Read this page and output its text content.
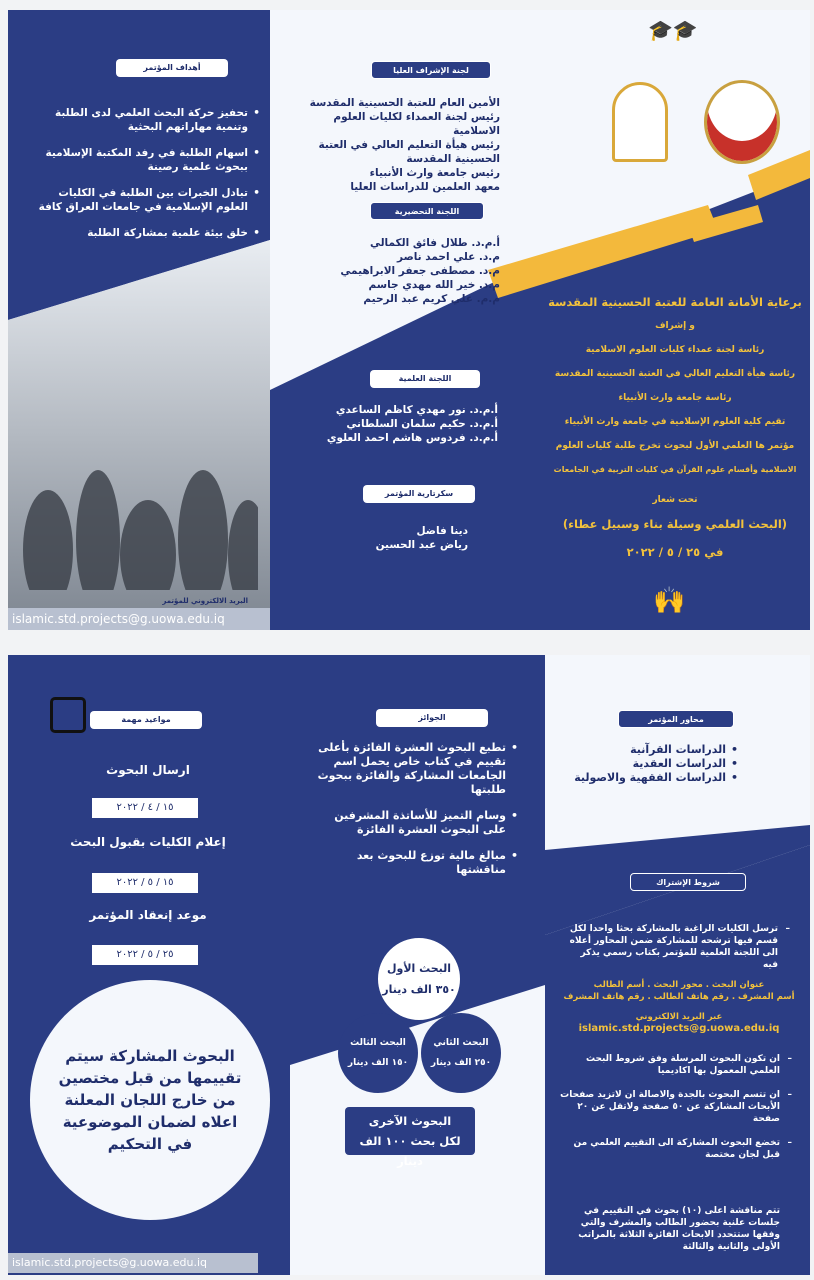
أهداف المؤتمر
• تحفيز حركة البحث العلمي لدى الطلبة وتنمية مهاراتهم البحثية
• اسهام الطلبة في رفد المكتبة الإسلامية ببحوث علمية رصينة
• تبادل الخبرات بين الطلبة في الكليات العلوم الإسلامية في جامعات العراق كافة
• خلق بيئة علمية بمشاركة الطلبة
البريد الالكتروني للمؤتمر
islamic.std.projects@g.uowa.edu.iq
لجنة الإشراف العليا
الأمين العام للعتبة الحسينية المقدسة
رئيس لجنة العمداء لكليات العلوم الاسلامية
رئيس هيأة التعليم العالي في العتبة الحسينية المقدسة
رئيس جامعة وارث الأنبياء
معهد العلمين للدراسات العليا
اللجنة التحضيرية
أ.م.د. طلال فائق الكمالي
م.د. علي احمد ناصر
م.د. مصطفى جعفر الابراهيمي
م.د. خير الله مهدي جاسم
م.م. علي كريم عبد الرحيم
اللجنة العلمية
أ.م.د. نور مهدي كاظم الساعدي
أ.م.د. حكيم سلمان السلطاني
أ.م.د. فردوس هاشم احمد العلوي
سكرتارية المؤتمر
دينا فاضل
رياض عبد الحسين
🎓🎓
برعاية الأمانة العامة للعتبة الحسينية المقدسة
و إشراف
رئاسة لجنة عمداء كليات العلوم الاسلامية
رئاسة هيأة التعليم العالي في العتبة الحسينية المقدسة
رئاسة جامعة وارث الأنبياء
تقيم كلية العلوم الإسلامية في جامعة وارث الأنبياء
مؤتمر ها العلمي الأول لبحوث تخرج طلبة كليات العلوم
الاسلامية وأقسام علوم القرآن في كليات التربية في الجامعات
تحت شعار
(البحث العلمي وسيلة بناء وسبيل عطاء)
في ٢٥ / ٥ / ٢٠٢٢
🙌
مواعيد مهمة
ارسال البحوث
١٥ / ٤ / ٢٠٢٢
إعلام الكليات بقبول البحث
١٥ / ٥ / ٢٠٢٢
موعد إنعقاد المؤتمر
٢٥ / ٥ / ٢٠٢٢
البحوث المشاركة سيتم تقييمها من قبل مختصين من خارج اللجان المعلنة اعلاه لضمان الموضوعية في التحكيم
islamic.std.projects@g.uowa.edu.iq
الجوائز
• تطبع البحوث العشرة الفائزة بأعلى تقييم في كتاب خاص يحمل اسم الجامعات المشاركة والفائزة ببحوث طلبتها
• وسام التميز للأساتذة المشرفين على البحوث العشرة الفائزة
• مبالغ مالية توزع للبحوث بعد مناقشتها
البحث الأول
٣٥٠ الف دينار
البحث الثاني
٢٥٠ الف دينار
البحث الثالث
١٥٠ الف دينار
البحوث الآخرى
لكل بحث ١٠٠ الف دينار
محاور المؤتمر
• الدراسات القرآنية
• الدراسات العقدية
• الدراسات الفقهية والاصولية
شروط الإشتراك
– ترسل الكليات الراغبة بالمشاركة بحثا واحدا لكل قسم فيها ترشحه للمشاركة ضمن المحاور أعلاه الى اللجنة العلمية للمؤتمر بكتاب رسمي يذكر فيه
عنوان البحث . محور البحث . أسم الطالب
أسم المشرف . رقم هاتف الطالب . رقم هاتف المشرف
عبر البريد الالكتروني
islamic.std.projects@g.uowa.edu.iq
– ان تكون البحوث المرسلة وفق شروط البحث العلمي المعمول بها اكاديميا
– ان تتسم البحوث بالجدة والاصالة ان لاتزيد صفحات الأبحاث المشاركة عن ٥٠ صفحة ولاتقل عن ٢٠ صفحة
– تخضع البحوث المشاركة الى التقييم العلمي من قبل لجان مختصة
تتم مناقشة اعلى (١٠) بحوث في التقييم في جلسات علنية بحضور الطالب والمشرف والتي وفقها ستتحدد الابحاث الفائزة الثلاثة بالمراتب الأولى والثانية والثالثة
